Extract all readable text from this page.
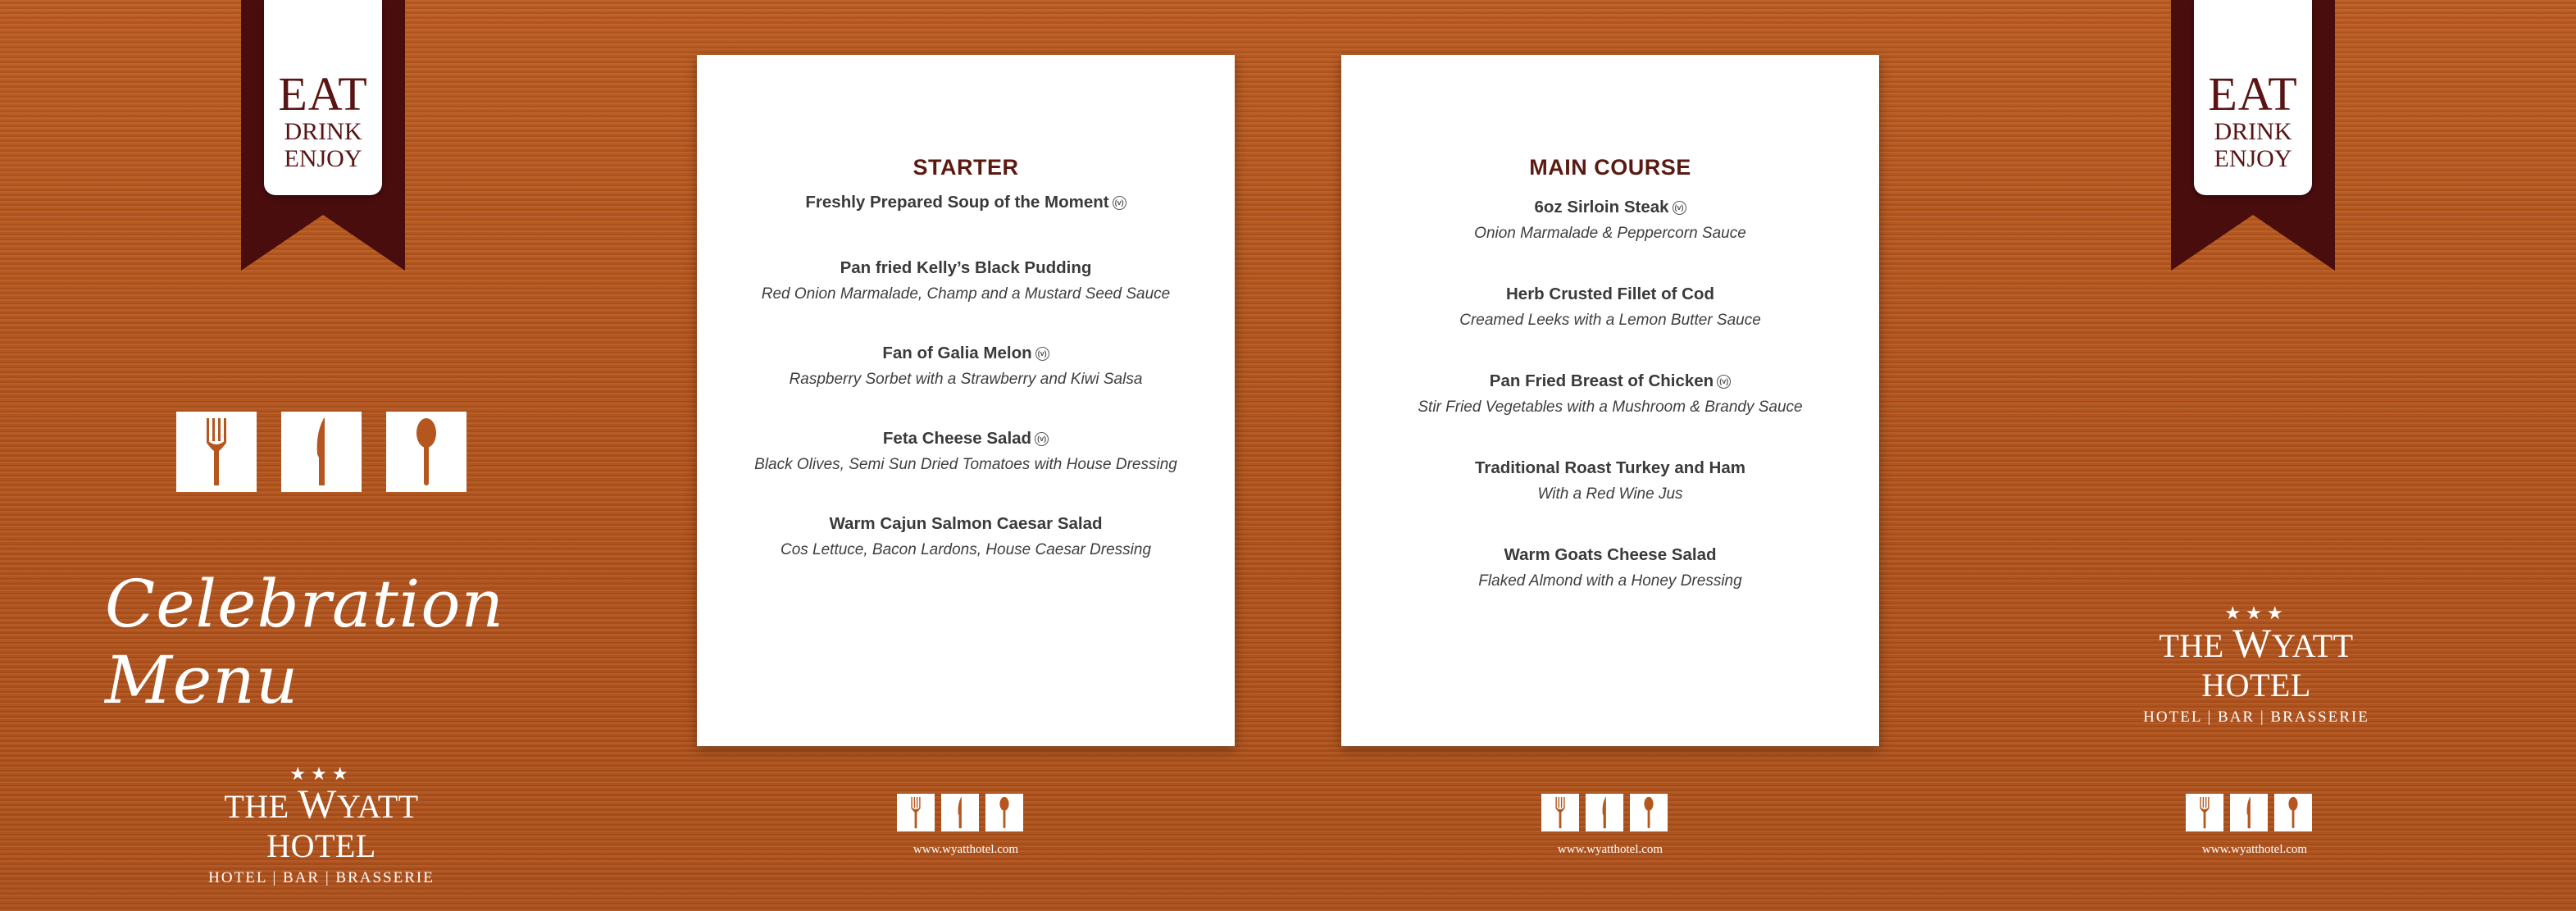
EAT
DRINK
ENJOY
EAT
DRINK
ENJOY
Celebration Menu
★★★
THE WYATT HOTEL
HOTEL | BAR | BRASSERIE
★★★
THE WYATT HOTEL
HOTEL | BAR | BRASSERIE
STARTER
Freshly Prepared Soup of the Moment (v)
Pan fried Kelly’s Black Pudding
Red Onion Marmalade, Champ and a Mustard Seed Sauce
Fan of Galia Melon (v)
Raspberry Sorbet with a Strawberry and Kiwi Salsa
Feta Cheese Salad (v)
Black Olives, Semi Sun Dried Tomatoes with House Dressing
Warm Cajun Salmon Caesar Salad
Cos Lettuce, Bacon Lardons, House Caesar Dressing
MAIN COURSE
6oz Sirloin Steak (v)
Onion Marmalade & Peppercorn Sauce
Herb Crusted Fillet of Cod
Creamed Leeks with a Lemon Butter Sauce
Pan Fried Breast of Chicken (v)
Stir Fried Vegetables with a Mushroom & Brandy Sauce
Traditional Roast Turkey and Ham
With a Red Wine Jus
Warm Goats Cheese Salad
Flaked Almond with a Honey Dressing
www.wyatthotel.com	www.wyatthotel.com	www.wyatthotel.com
